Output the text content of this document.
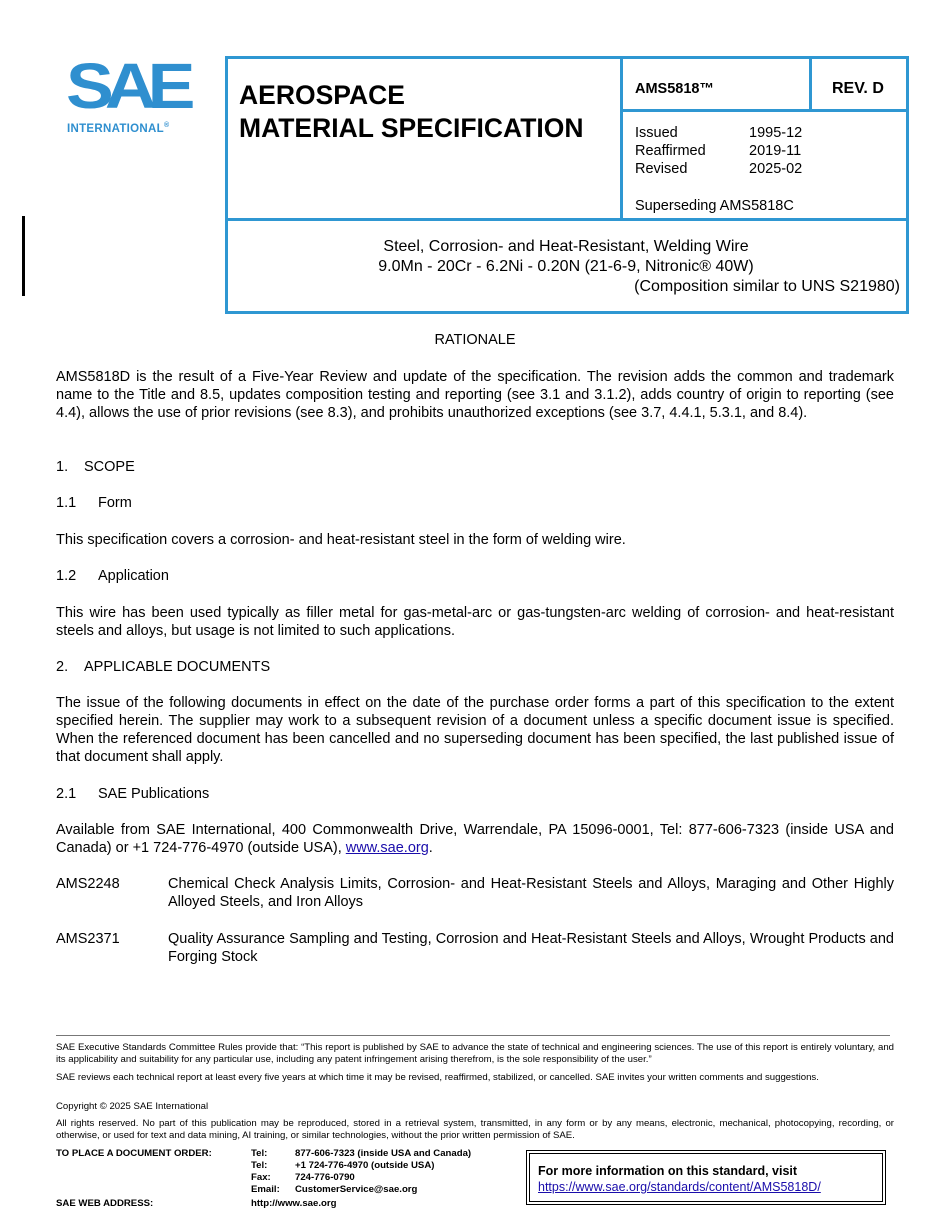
SAE
INTERNATIONAL®
AEROSPACE
MATERIAL SPECIFICATION
AMS5818™	REV. D
Issued	1995-12
Reaffirmed	2019-11
Revised	2025-02
Superseding AMS5818C
Steel, Corrosion- and Heat-Resistant, Welding Wire
9.0Mn - 20Cr - 6.2Ni - 0.20N (21-6-9, Nitronic® 40W)
(Composition similar to UNS S21980)
RATIONALE
AMS5818D is the result of a Five-Year Review and update of the specification. The revision adds the common and trademark name to the Title and 8.5, updates composition testing and reporting (see 3.1 and 3.1.2), adds country of origin to reporting (see 4.4), allows the use of prior revisions (see 8.3), and prohibits unauthorized exceptions (see 3.7, 4.4.1, 5.3.1, and 8.4).
1. SCOPE
1.1 Form
This specification covers a corrosion- and heat-resistant steel in the form of welding wire.
1.2 Application
This wire has been used typically as filler metal for gas-metal-arc or gas-tungsten-arc welding of corrosion- and heat-resistant steels and alloys, but usage is not limited to such applications.
2. APPLICABLE DOCUMENTS
The issue of the following documents in effect on the date of the purchase order forms a part of this specification to the extent specified herein. The supplier may work to a subsequent revision of a document unless a specific document issue is specified. When the referenced document has been cancelled and no superseding document has been specified, the last published issue of that document shall apply.
2.1 SAE Publications
Available from SAE International, 400 Commonwealth Drive, Warrendale, PA 15096-0001, Tel: 877-606-7323 (inside USA and Canada) or +1 724-776-4970 (outside USA), www.sae.org.
AMS2248	Chemical Check Analysis Limits, Corrosion- and Heat-Resistant Steels and Alloys, Maraging and Other Highly Alloyed Steels, and Iron Alloys
AMS2371	Quality Assurance Sampling and Testing, Corrosion and Heat-Resistant Steels and Alloys, Wrought Products and Forging Stock
SAE Executive Standards Committee Rules provide that: “This report is published by SAE to advance the state of technical and engineering sciences. The use of this report is entirely voluntary, and its applicability and suitability for any particular use, including any patent infringement arising therefrom, is the sole responsibility of the user.”
SAE reviews each technical report at least every five years at which time it may be revised, reaffirmed, stabilized, or cancelled. SAE invites your written comments and suggestions.
Copyright © 2025 SAE International
All rights reserved. No part of this publication may be reproduced, stored in a retrieval system, transmitted, in any form or by any means, electronic, mechanical, photocopying, recording, or otherwise, or used for text and data mining, AI training, or similar technologies, without the prior written permission of SAE.
TO PLACE A DOCUMENT ORDER:	Tel:	877-606-7323 (inside USA and Canada)
Tel:	+1 724-776-4970 (outside USA)
Fax:	724-776-0790
Email: CustomerService@sae.org
SAE WEB ADDRESS:	http://www.sae.org
For more information on this standard, visit
https://www.sae.org/standards/content/AMS5818D/
